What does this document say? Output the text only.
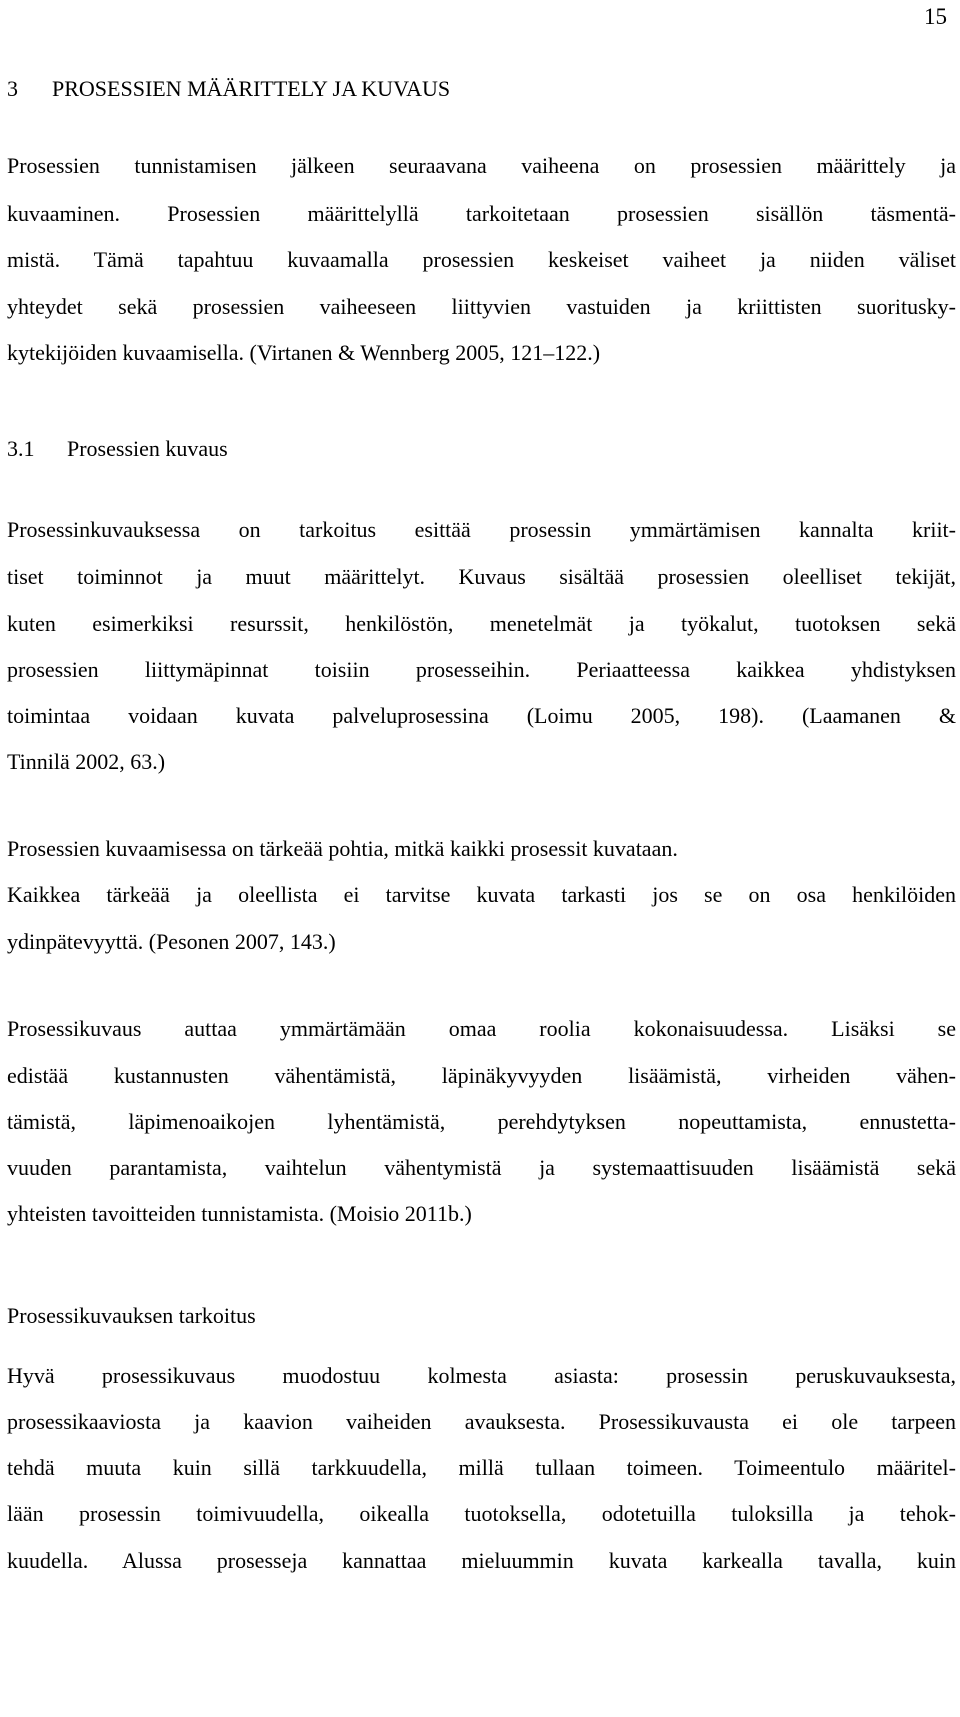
15
3 PROSESSIEN MÄÄRITTELY JA KUVAUS
Prosessien tunnistamisen jälkeen seuraavana vaiheena on prosessien määrittely ja
kuvaaminen. Prosessien määrittelyllä tarkoitetaan prosessien sisällön täsmentä-
mistä. Tämä tapahtuu kuvaamalla prosessien keskeiset vaiheet ja niiden väliset
yhteydet sekä prosessien vaiheeseen liittyvien vastuiden ja kriittisten suoritusky-
kytekijöiden kuvaamisella. (Virtanen & Wennberg 2005, 121–122.)
3.1 Prosessien kuvaus
Prosessinkuvauksessa on tarkoitus esittää prosessin ymmärtämisen kannalta kriit-
tiset toiminnot ja muut määrittelyt. Kuvaus sisältää prosessien oleelliset tekijät,
kuten esimerkiksi resurssit, henkilöstön, menetelmät ja työkalut, tuotoksen sekä
prosessien liittymäpinnat toisiin prosesseihin. Periaatteessa kaikkea yhdistyksen
toimintaa voidaan kuvata palveluprosessina (Loimu 2005, 198). (Laamanen &
Tinnilä 2002, 63.)
Prosessien kuvaamisessa on tärkeää pohtia, mitkä kaikki prosessit kuvataan.
Kaikkea tärkeää ja oleellista ei tarvitse kuvata tarkasti jos se on osa henkilöiden
ydinpätevyyttä. (Pesonen 2007, 143.)
Prosessikuvaus auttaa ymmärtämään omaa roolia kokonaisuudessa. Lisäksi se
edistää kustannusten vähentämistä, läpinäkyvyyden lisäämistä, virheiden vähen-
tämistä, läpimenoaikojen lyhentämistä, perehdytyksen nopeuttamista, ennustetta-
vuuden parantamista, vaihtelun vähentymistä ja systemaattisuuden lisäämistä sekä
yhteisten tavoitteiden tunnistamista. (Moisio 2011b.)
Prosessikuvauksen tarkoitus
Hyvä prosessikuvaus muodostuu kolmesta asiasta: prosessin peruskuvauksesta,
prosessikaaviosta ja kaavion vaiheiden avauksesta. Prosessikuvausta ei ole tarpeen
tehdä muuta kuin sillä tarkkuudella, millä tullaan toimeen. Toimeentulo määritel-
lään prosessin toimivuudella, oikealla tuotoksella, odotetuilla tuloksilla ja tehok-
kuudella. Alussa prosesseja kannattaa mieluummin kuvata karkealla tavalla, kuin
